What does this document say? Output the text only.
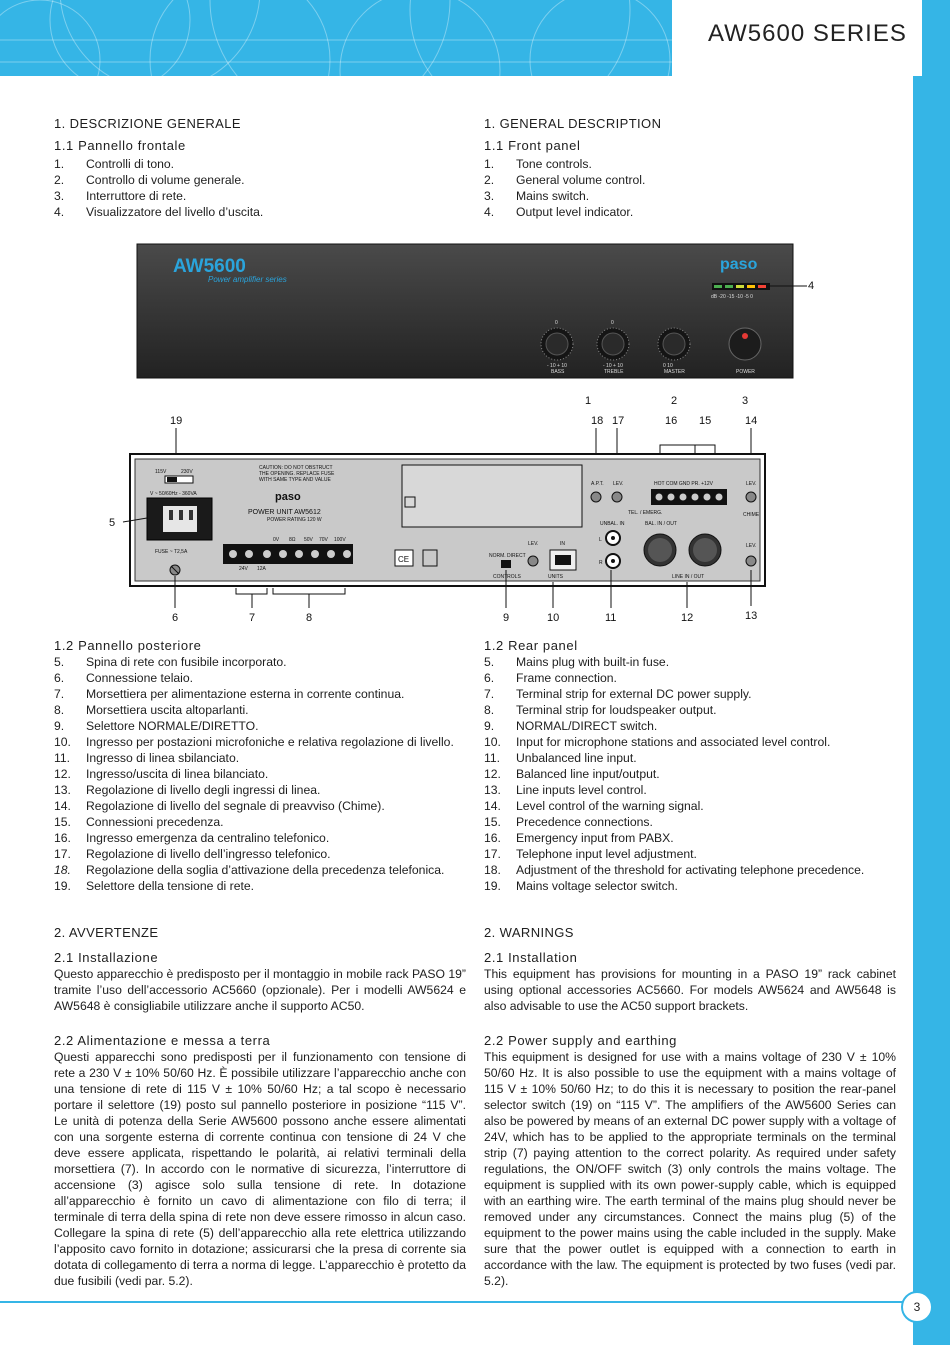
AW5600 SERIES
1. DESCRIZIONE GENERALE
1.1 Pannello frontale
1.	Controlli di tono.
2.	Controllo di volume generale.
3.	Interruttore di rete.
4.	Visualizzatore del livello d’uscita.
1. GENERAL DESCRIPTION
1.1 Front panel
1.	Tone controls.
2.	General volume control.
3.	Mains switch.
4.	Output level indicator.
AW5600
Power amplifier series
paso
dB -20 -15 -10 -5 0
4
0
- 10 + 10
BASS
0
- 10 + 10
TREBLE
0 10
MASTER	POWER
1	2	3
19	18 17	16 15	14
115V	230V
V ~ 50/60Hz - 360VA
FUSE ~ T2,5A
5
CAUTION: DO NOT OBSTRUCT
THE OPENING. REPLACE FUSE
WITH SAME TYPE AND VALUE
paso
POWER UNIT AW5612
POWER RATING 120 W
0V 8Ω 50V 70V 100V
24V 12A
CE
A.P.T. LEV.	HOT COM GND PR. +12V
TEL. / EMERG.
LEV.
CHIME
NORM. DIRECT
CONTROLS
LEV.	IN
UNITS
UNBAL. IN
L
R
BAL. IN / OUT
LINE IN / OUT
LEV.
6	7	8	9	10	11	12	13
1.2 Pannello posteriore
5.	Spina di rete con fusibile incorporato.
6.	Connessione telaio.
7.	Morsettiera per alimentazione esterna in corrente continua.
8.	Morsettiera uscita altoparlanti.
9.	Selettore NORMALE/DIRETTO.
10.	Ingresso per postazioni microfoniche e relativa regolazione di livello.
11.	Ingresso di linea sbilanciato.
12.	Ingresso/uscita di linea bilanciato.
13.	Regolazione di livello degli ingressi di linea.
14.	Regolazione di livello del segnale di preavviso (Chime).
15.	Connessioni precedenza.
16.	Ingresso emergenza da centralino telefonico.
17.	Regolazione di livello dell’ingresso telefonico.
18.	Regolazione della soglia d’attivazione della precedenza telefonica.
19.	Selettore della tensione di rete.
1.2 Rear panel
5.	Mains plug with built-in fuse.
6.	Frame connection.
7.	Terminal strip for external DC power supply.
8.	Terminal strip for loudspeaker output.
9.	NORMAL/DIRECT switch.
10.	Input for microphone stations and associated level control.
11.	Unbalanced line input.
12.	Balanced line input/output.
13.	Line inputs level control.
14.	Level control of the warning signal.
15.	Precedence connections.
16.	Emergency input from PABX.
17.	Telephone input level adjustment.
18.	Adjustment of the threshold for activating telephone precedence.
19.	Mains voltage selector switch.
2. AVVERTENZE
2.1 Installazione
Questo apparecchio è predisposto per il montaggio in mobile rack PASO 19” tramite l’uso dell’accessorio AC5660 (opzionale). Per i modelli AW5624 e AW5648 è consigliabile utilizzare anche il supporto AC50.
2.2 Alimentazione e messa a terra
Questi apparecchi sono predisposti per il funzionamento con tensione di rete a 230 V ± 10% 50/60 Hz. È possibile utilizzare l’apparecchio anche con una tensione di rete di 115 V ± 10% 50/60 Hz; a tal scopo è necessario portare il selettore (19) posto sul pannello posteriore in posizione “115 V”. Le unità di potenza della Serie AW5600 possono anche essere alimentati con una sorgente esterna di corrente continua con tensione di 24 V che deve essere applicata, rispettando le polarità, ai relativi terminali della morsettiera (7). In accordo con le normative di sicurezza, l’interruttore di accensione (3) agisce solo sulla tensione di rete. In dotazione all’apparecchio è fornito un cavo di alimentazione con filo di terra; il terminale di terra della spina di rete non deve essere rimosso in alcun caso. Collegare la spina di rete (5) dell’apparecchio alla rete elettrica utilizzando l’apposito cavo fornito in dotazione; assicurarsi che la presa di corrente sia dotata di collegamento di terra a norma di legge. L’apparecchio è protetto da due fusibili (vedi par. 5.2).
2. WARNINGS
2.1 Installation
This equipment has provisions for mounting in a PASO 19” rack cabinet using optional accessories AC5660. For models AW5624 and AW5648 is also advisable to use the AC50 support brackets.
2.2 Power supply and earthing
This equipment is designed for use with a mains voltage of 230 V ± 10% 50/60 Hz. It is also possible to use the equipment with a mains voltage of 115 V ± 10% 50/60 Hz; to do this it is necessary to position the rear-panel selector switch (19) on “115 V”. The amplifiers of the AW5600 Series can also be powered by means of an external DC power supply with a voltage of 24V, which has to be applied to the appropriate terminals on the terminal strip (7) paying attention to the correct polarity. As required under safety regulations, the ON/OFF switch (3) only controls the mains voltage. The equipment is supplied with its own power-supply cable, which is equipped with an earthing wire. The earth terminal of the mains plug should never be removed under any circumstances. Connect the mains plug (5) of the equipment to the power mains using the cable included in the supply. Make sure that the power outlet is equipped with a connection to earth in accordance with the law. The equipment is protected by two fuses (vedi par. 5.2).
3
